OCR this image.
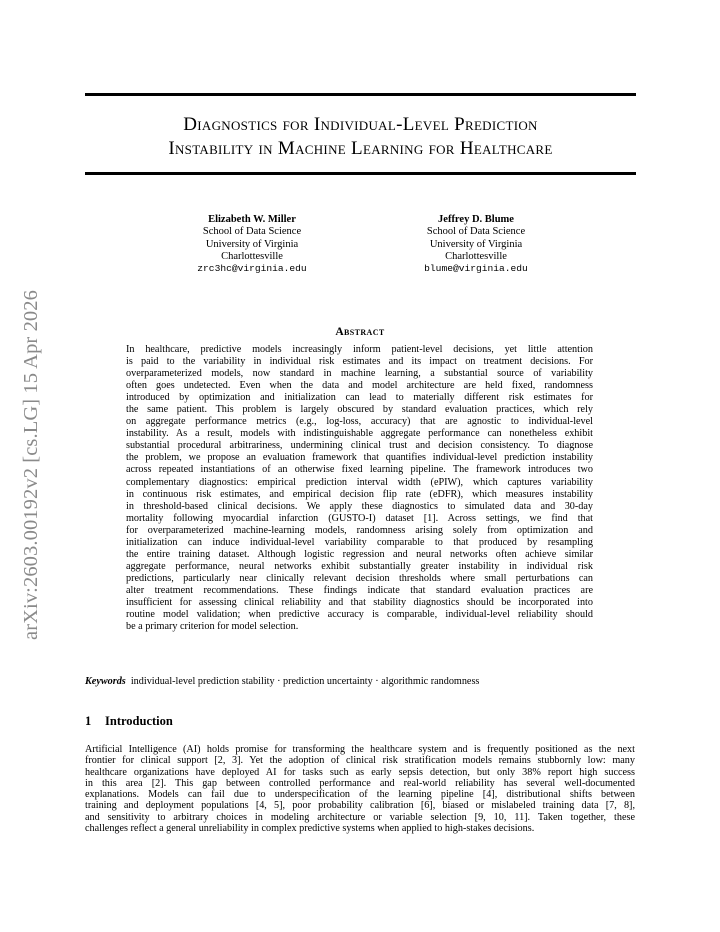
arXiv:2603.00192v2 [cs.LG] 15 Apr 2026
Diagnostics for Individual-Level Prediction
Instability in Machine Learning for Healthcare
Elizabeth W. Miller
School of Data Science
University of Virginia
Charlottesville
zrc3hc@virginia.edu
Jeffrey D. Blume
School of Data Science
University of Virginia
Charlottesville
blume@virginia.edu
Abstract
In healthcare, predictive models increasingly inform patient-level decisions, yet little attention
is paid to the variability in individual risk estimates and its impact on treatment decisions. For
overparameterized models, now standard in machine learning, a substantial source of variability
often goes undetected. Even when the data and model architecture are held fixed, randomness
introduced by optimization and initialization can lead to materially different risk estimates for
the same patient. This problem is largely obscured by standard evaluation practices, which rely
on aggregate performance metrics (e.g., log-loss, accuracy) that are agnostic to individual-level
instability. As a result, models with indistinguishable aggregate performance can nonetheless exhibit
substantial procedural arbitrariness, undermining clinical trust and decision consistency. To diagnose
the problem, we propose an evaluation framework that quantifies individual-level prediction instability
across repeated instantiations of an otherwise fixed learning pipeline. The framework introduces two
complementary diagnostics: empirical prediction interval width (ePIW), which captures variability
in continuous risk estimates, and empirical decision flip rate (eDFR), which measures instability
in threshold-based clinical decisions. We apply these diagnostics to simulated data and 30-day
mortality following myocardial infarction (GUSTO-I) dataset [1]. Across settings, we find that
for overparameterized machine-learning models, randomness arising solely from optimization and
initialization can induce individual-level variability comparable to that produced by resampling
the entire training dataset. Although logistic regression and neural networks often achieve similar
aggregate performance, neural networks exhibit substantially greater instability in individual risk
predictions, particularly near clinically relevant decision thresholds where small perturbations can
alter treatment recommendations. These findings indicate that standard evaluation practices are
insufficient for assessing clinical reliability and that stability diagnostics should be incorporated into
routine model validation; when predictive accuracy is comparable, individual-level reliability should
be a primary criterion for model selection.
Keywords individual-level prediction stability · prediction uncertainty · algorithmic randomness
1 Introduction
Artificial Intelligence (AI) holds promise for transforming the healthcare system and is frequently positioned as the next
frontier for clinical support [2, 3]. Yet the adoption of clinical risk stratification models remains stubbornly low: many
healthcare organizations have deployed AI for tasks such as early sepsis detection, but only 38% report high success
in this area [2]. This gap between controlled performance and real-world reliability has several well-documented
explanations. Models can fail due to underspecification of the learning pipeline [4], distributional shifts between
training and deployment populations [4, 5], poor probability calibration [6], biased or mislabeled training data [7, 8],
and sensitivity to arbitrary choices in modeling architecture or variable selection [9, 10, 11]. Taken together, these
challenges reflect a general unreliability in complex predictive systems when applied to high-stakes decisions.
